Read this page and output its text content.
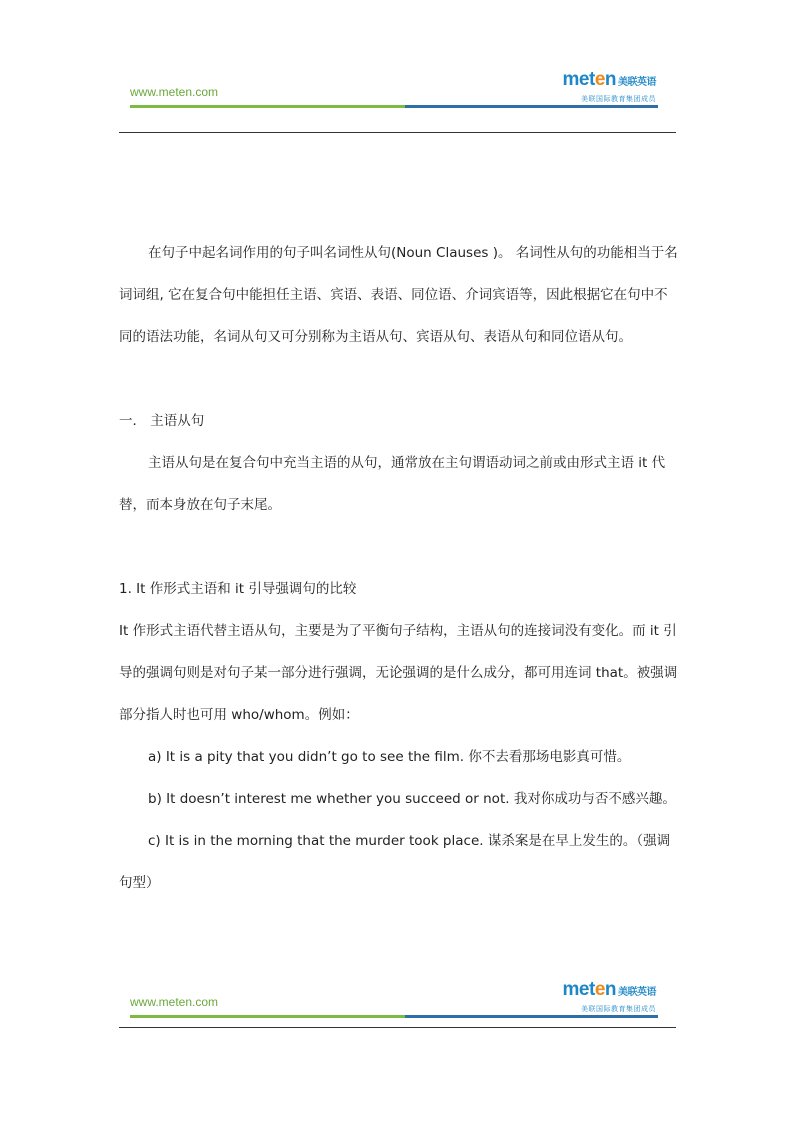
www.meten.com
meten 美联英语
美联国际教育集团成员

在句子中起名词作用的句子叫名词性从句(Noun Clauses )。 名词性从句的功能相当于名词词组, 它在复合句中能担任主语、宾语、表语、同位语、介词宾语等，因此根据它在句中不同的语法功能，名词从句又可分别称为主语从句、宾语从句、表语从句和同位语从句。

一． 主语从句

主语从句是在复合句中充当主语的从句，通常放在主句谓语动词之前或由形式主语 it 代替，而本身放在句子末尾。

1. It 作形式主语和 it 引导强调句的比较

It 作形式主语代替主语从句，主要是为了平衡句子结构，主语从句的连接词没有变化。而 it 引导的强调句则是对句子某一部分进行强调，无论强调的是什么成分，都可用连词 that。被强调部分指人时也可用 who/whom。例如：

a) It is a pity that you didn’t go to see the film. 你不去看那场电影真可惜。

b) It doesn’t interest me whether you succeed or not. 我对你成功与否不感兴趣。

c) It is in the morning that the murder took place. 谋杀案是在早上发生的。（强调句型）

www.meten.com
meten 美联英语
美联国际教育集团成员
